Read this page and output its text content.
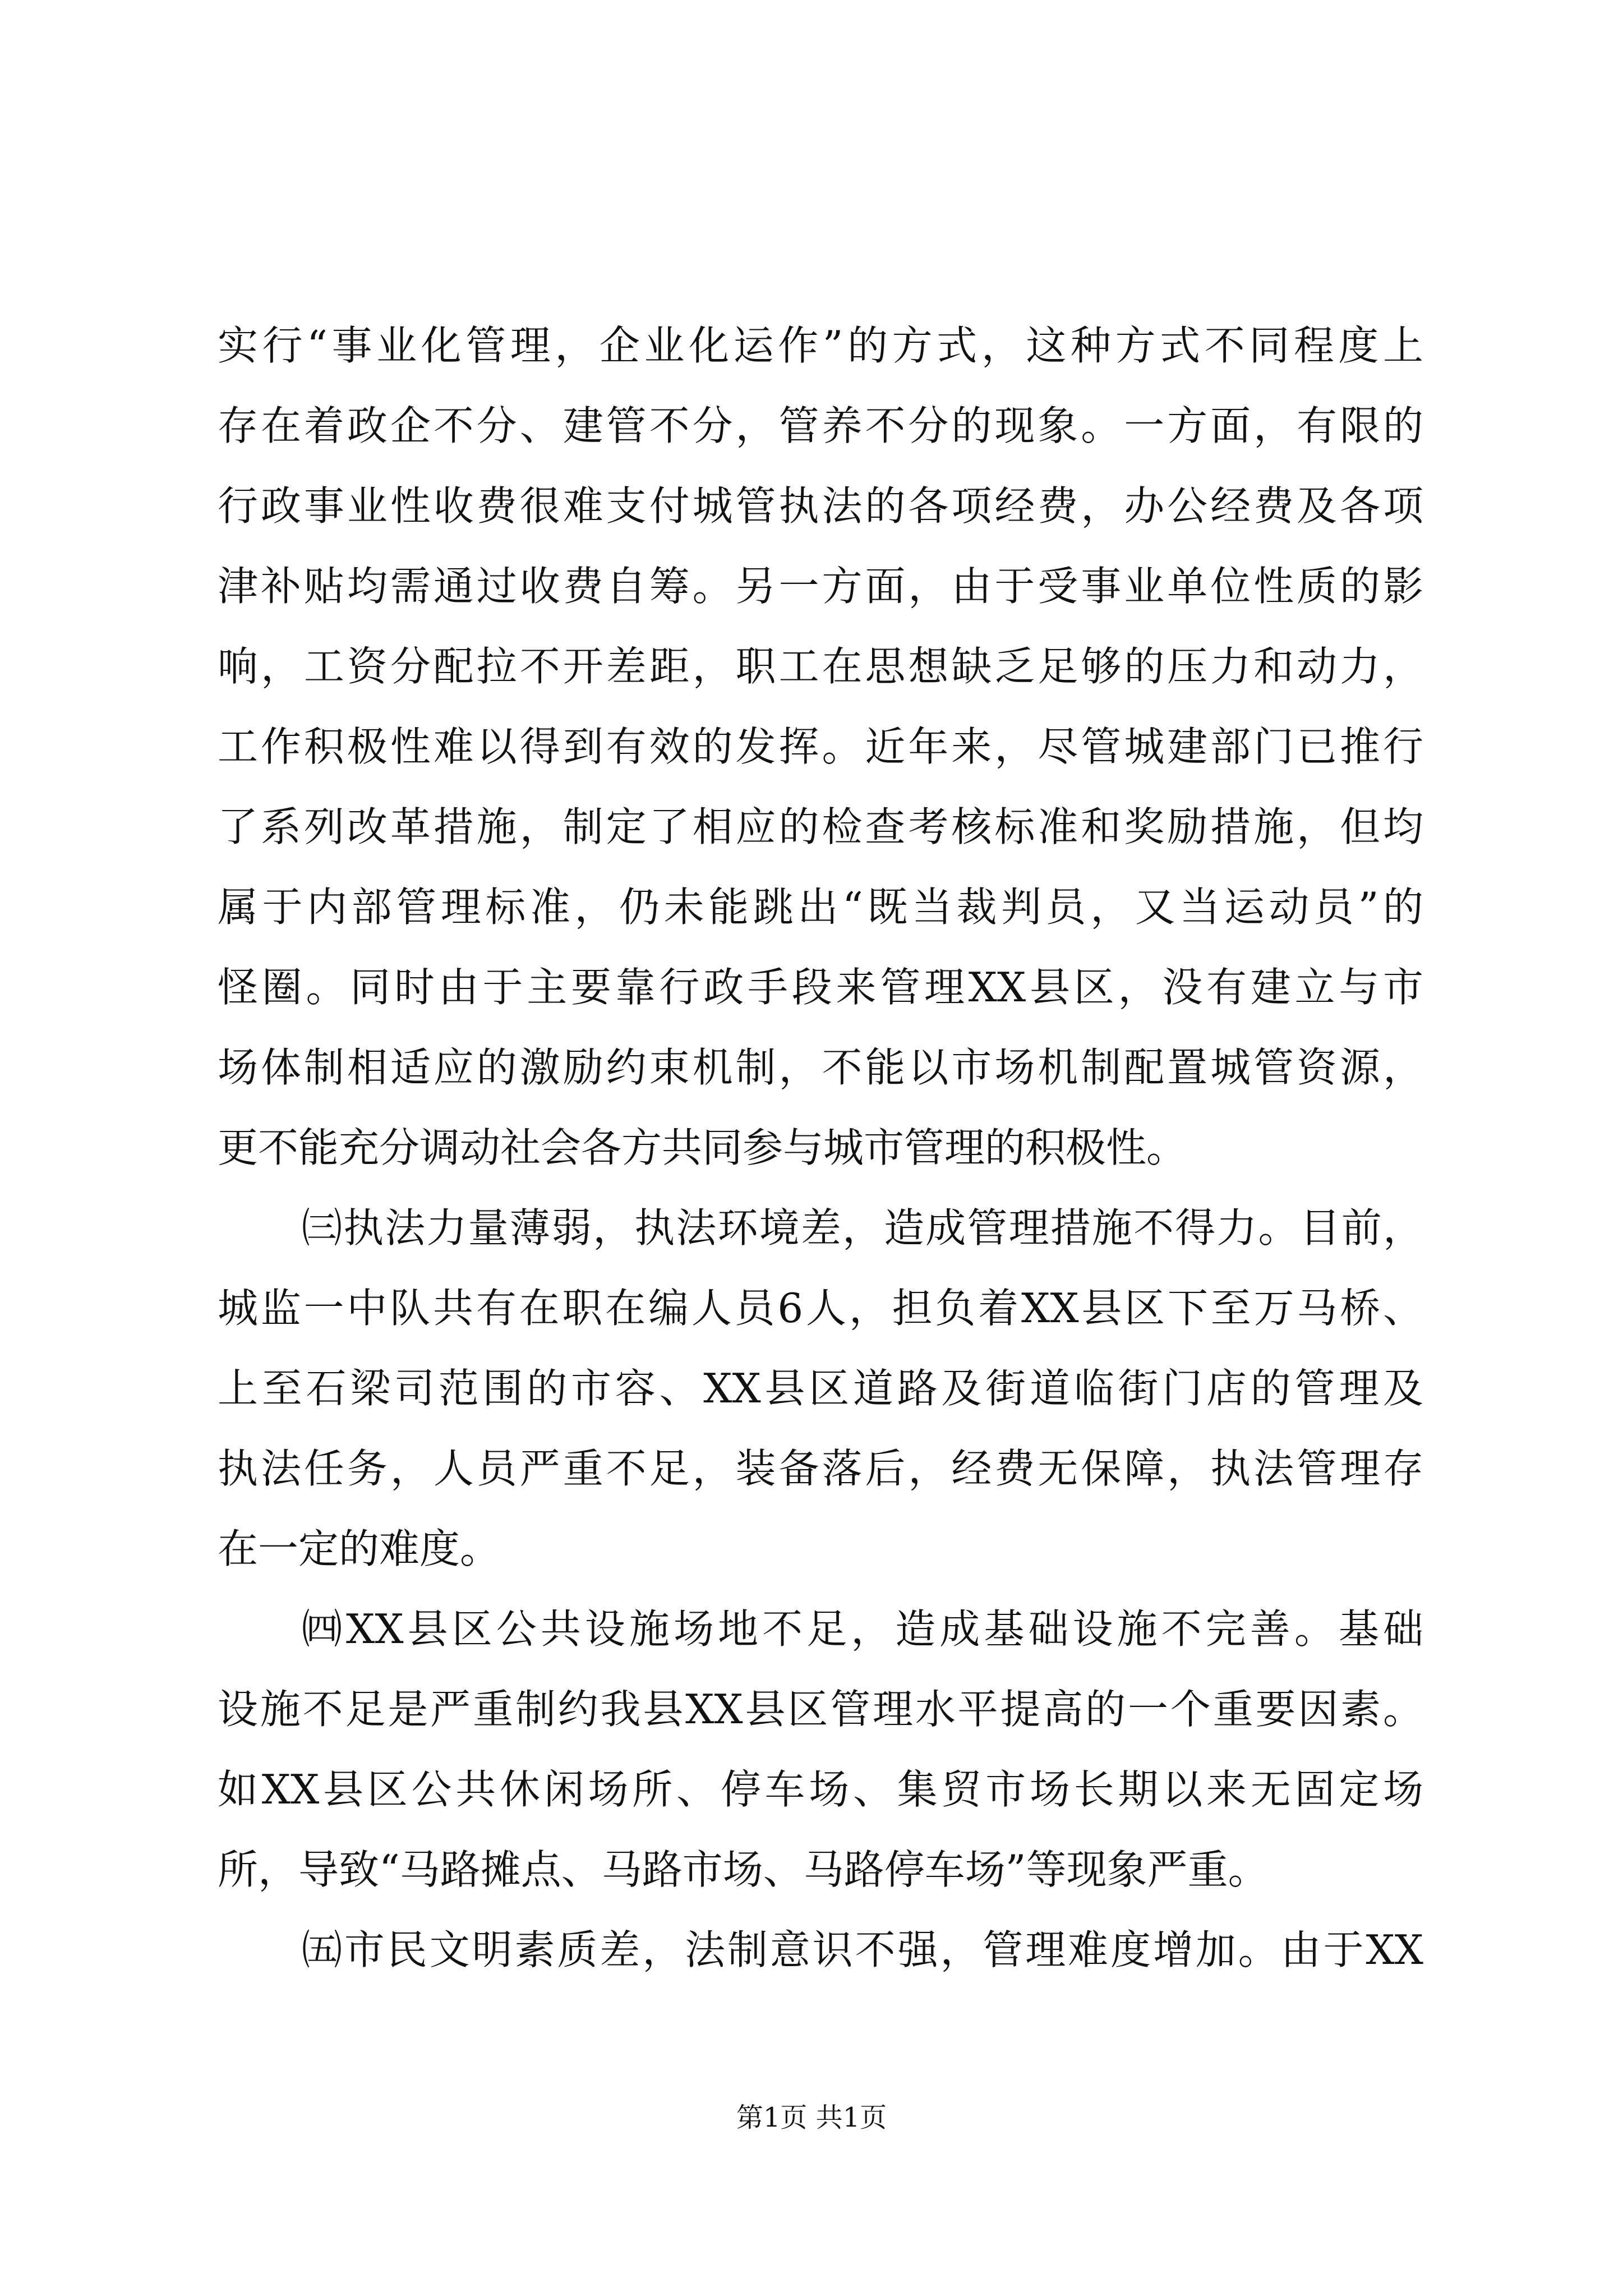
实行“事业化管理，企业化运作”的方式，这种方式不同程度上
存在着政企不分、建管不分，管养不分的现象。一方面，有限的
行政事业性收费很难支付城管执法的各项经费，办公经费及各项
津补贴均需通过收费自筹。另一方面，由于受事业单位性质的影
响，工资分配拉不开差距，职工在思想缺乏足够的压力和动力，
工作积极性难以得到有效的发挥。近年来，尽管城建部门已推行
了系列改革措施，制定了相应的检查考核标准和奖励措施，但均
属于内部管理标准，仍未能跳出“既当裁判员，又当运动员”的
怪圈。同时由于主要靠行政手段来管理XX县区，没有建立与市
场体制相适应的激励约束机制，不能以市场机制配置城管资源，
更不能充分调动社会各方共同参与城市管理的积极性。
㈢执法力量薄弱，执法环境差，造成管理措施不得力。目前，
城监一中队共有在职在编人员6人，担负着XX县区下至万马桥、
上至石梁司范围的市容、XX县区道路及街道临街门店的管理及
执法任务，人员严重不足，装备落后，经费无保障，执法管理存
在一定的难度。
㈣XX县区公共设施场地不足，造成基础设施不完善。基础
设施不足是严重制约我县XX县区管理水平提高的一个重要因素。
如XX县区公共休闲场所、停车场、集贸市场长期以来无固定场
所，导致“马路摊点、马路市场、马路停车场”等现象严重。
㈤市民文明素质差，法制意识不强，管理难度增加。由于XX
第1页 共1页
